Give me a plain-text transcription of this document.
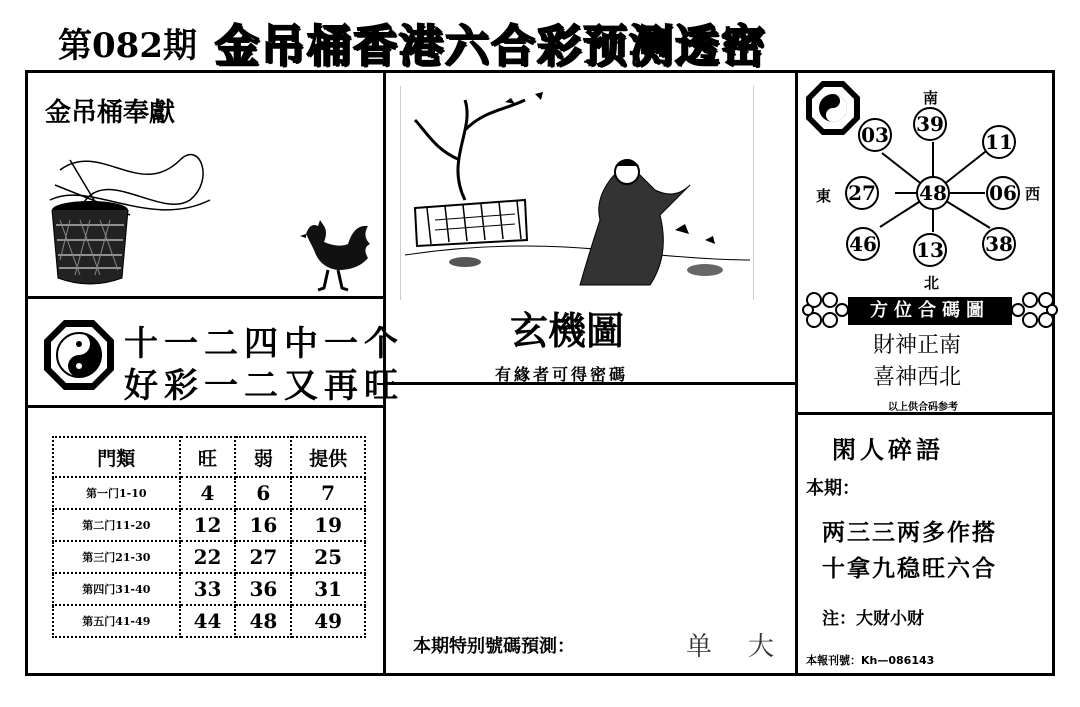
第082期 金吊桶香港六合彩预测透密
金吊桶奉獻
十一二四中一个
好彩一二又再旺
門類	旺	弱	提供
第一门1-10	4	6	7
第二门11-20	12	16	19
第三门21-30	22	27	25
第四门31-40	33	36	31
第五门41-49	44	48	49
玄機圖
有緣者可得密碼
本期特别號碼預測：	单 大
南
北
東	西
39
03	11
27 48 06
46 13 38
方位合碼圖
財神正南
喜神西北
以上供合码参考
閑人碎語
本期：
两三三两多作搭
十拿九稳旺六合
注：大财小财
本報刊號：Kh—086143
